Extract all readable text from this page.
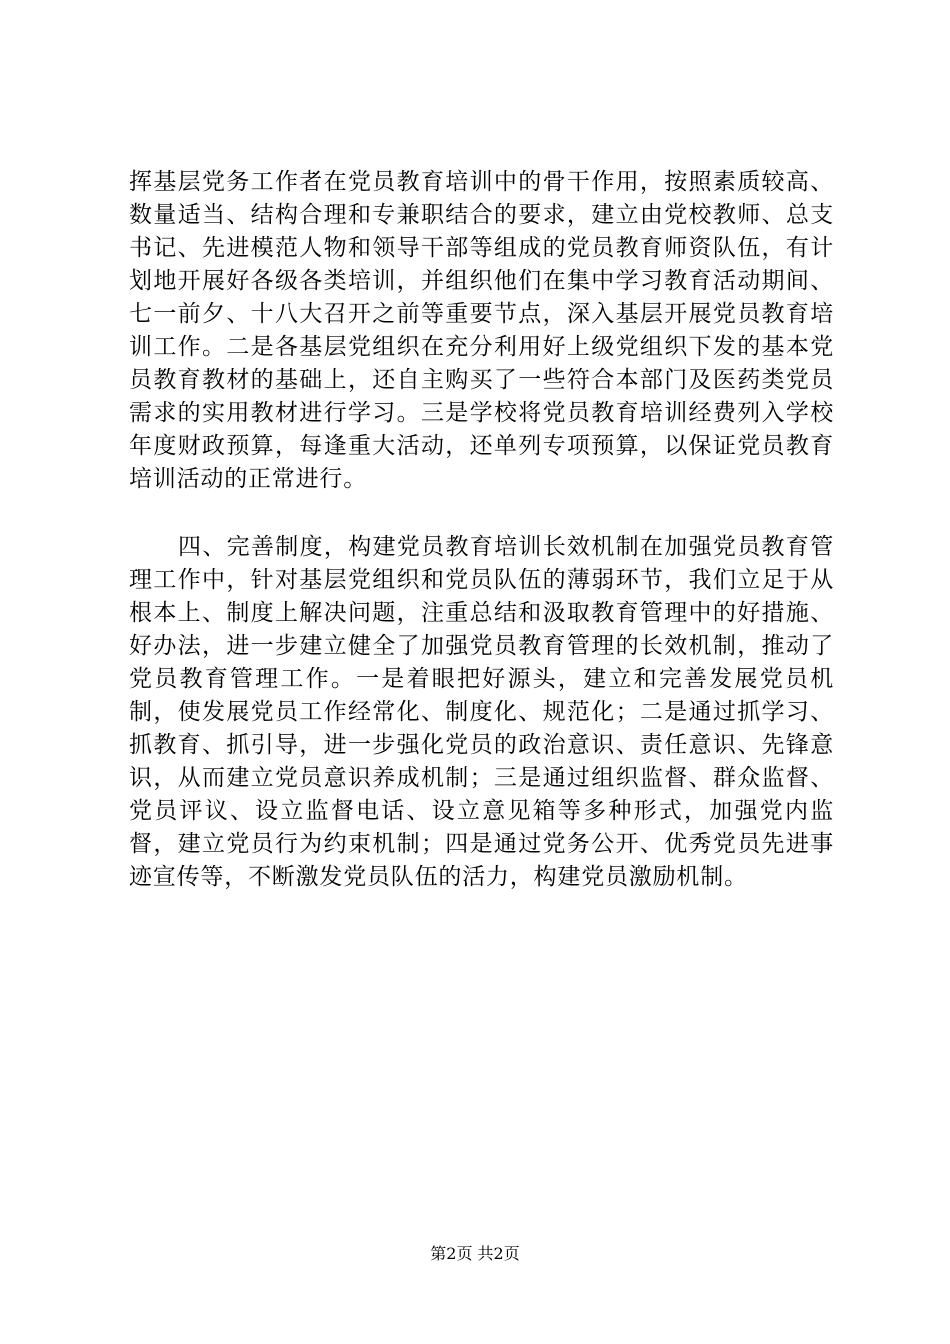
挥基层党务工作者在党员教育培训中的骨干作用，按照素质较高、数量适当、结构合理和专兼职结合的要求，建立由党校教师、总支书记、先进模范人物和领导干部等组成的党员教育师资队伍，有计划地开展好各级各类培训，并组织他们在集中学习教育活动期间、七一前夕、十八大召开之前等重要节点，深入基层开展党员教育培训工作。二是各基层党组织在充分利用好上级党组织下发的基本党员教育教材的基础上，还自主购买了一些符合本部门及医药类党员需求的实用教材进行学习。三是学校将党员教育培训经费列入学校年度财政预算，每逢重大活动，还单列专项预算，以保证党员教育培训活动的正常进行。

四、完善制度，构建党员教育培训长效机制在加强党员教育管理工作中，针对基层党组织和党员队伍的薄弱环节，我们立足于从根本上、制度上解决问题，注重总结和汲取教育管理中的好措施、好办法，进一步建立健全了加强党员教育管理的长效机制，推动了党员教育管理工作。一是着眼把好源头，建立和完善发展党员机制，使发展党员工作经常化、制度化、规范化；二是通过抓学习、抓教育、抓引导，进一步强化党员的政治意识、责任意识、先锋意识，从而建立党员意识养成机制；三是通过组织监督、群众监督、党员评议、设立监督电话、设立意见箱等多种形式，加强党内监督，建立党员行为约束机制；四是通过党务公开、优秀党员先进事迹宣传等，不断激发党员队伍的活力，构建党员激励机制。

第2页 共2页
